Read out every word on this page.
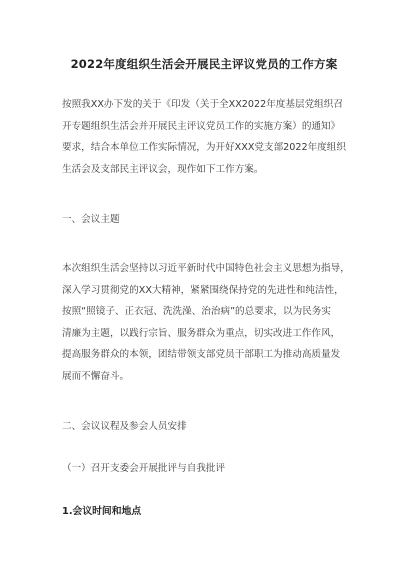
2022年度组织生活会开展民主评议党员的工作方案
按照我XX办下发的关于《印发（关于全XX2022年度基层党组织召
开专题组织生活会并开展民主评议党员工作的实施方案）的通知》
要求，结合本单位工作实际情况，为开好XXX党支部2022年度组织
生活会及支部民主评议会，现作如下工作方案。
一、会议主题
本次组织生活会坚持以习近平新时代中国特色社会主义思想为指导，
深入学习贯彻党的XX大精神，紧紧围绕保持党的先进性和纯洁性，
按照“照镜子、正衣冠、洗洗澡、治治病”的总要求，以为民务实
清廉为主题，以践行宗旨、服务群众为重点，切实改进工作作风，
提高服务群众的本领，团结带领支部党员干部职工为推动高质量发
展而不懈奋斗。
二、会议议程及参会人员安排
（一）召开支委会开展批评与自我批评
1.会议时间和地点
